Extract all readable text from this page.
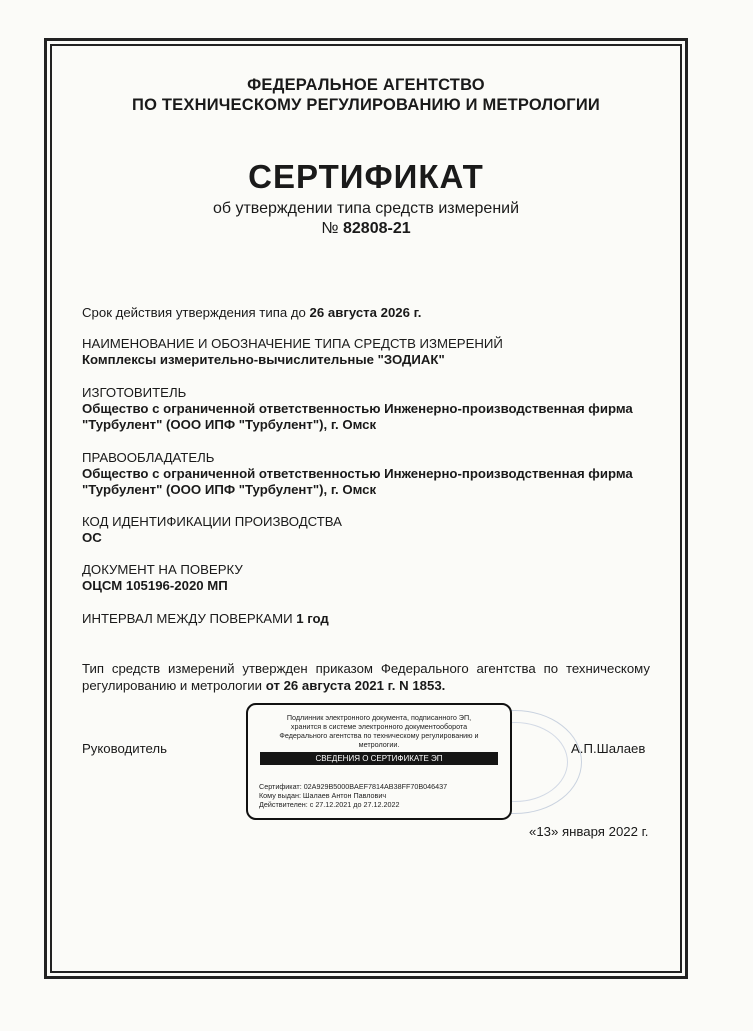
ФЕДЕРАЛЬНОЕ АГЕНТСТВО
ПО ТЕХНИЧЕСКОМУ РЕГУЛИРОВАНИЮ И МЕТРОЛОГИИ
СЕРТИФИКАТ
об утверждении типа средств измерений
№ 82808-21
Срок действия утверждения типа до 26 августа 2026 г.
НАИМЕНОВАНИЕ И ОБОЗНАЧЕНИЕ ТИПА СРЕДСТВ ИЗМЕРЕНИЙ
Комплексы измерительно-вычислительные "ЗОДИАК"
ИЗГОТОВИТЕЛЬ
Общество с ограниченной ответственностью Инженерно-производственная фирма
"Турбулент" (ООО ИПФ "Турбулент"), г. Омск
ПРАВООБЛАДАТЕЛЬ
Общество с ограниченной ответственностью Инженерно-производственная фирма
"Турбулент" (ООО ИПФ "Турбулент"), г. Омск
КОД ИДЕНТИФИКАЦИИ ПРОИЗВОДСТВА
ОС
ДОКУМЕНТ НА ПОВЕРКУ
ОЦСМ 105196-2020 МП
ИНТЕРВАЛ МЕЖДУ ПОВЕРКАМИ 1 год
Тип средств измерений утвержден приказом Федерального агентства по техническому регулированию и метрологии от 26 августа 2021 г. N 1853.
Руководитель	А.П.Шалаев
Подлинник электронного документа, подписанного ЭП,
хранится в системе электронного документооборота
Федерального агентства по техническому регулированию и
метрологии.
СВЕДЕНИЯ О СЕРТИФИКАТЕ ЭП
Сертификат: 02A929B5000BAEF7814AB38FF70B046437
Кому выдан: Шалаев Антон Павлович
Действителен: с 27.12.2021 до 27.12.2022
«13» января 2022 г.
